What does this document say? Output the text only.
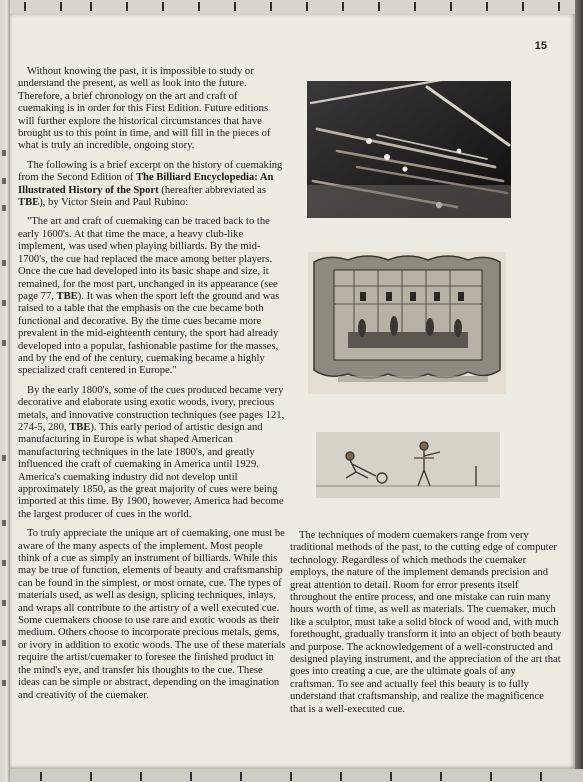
15

Without knowing the past, it is impossible to study or understand the present, as well as look into the future. Therefore, a brief chronology on the art and craft of cuemaking is in order for this First Edition. Future editions will further explore the historical circumstances that have brought us to this point in time, and will fill in the pieces of what is truly an incredible, ongoing story.

The following is a brief excerpt on the history of cuemaking from the Second Edition of The Billiard Encyclopedia: An Illustrated History of the Sport (hereafter abbreviated as TBE), by Victor Stein and Paul Rubino:

"The art and craft of cuemaking can be traced back to the early 1600's. At that time the mace, a heavy club-like implement, was used when playing billiards. By the mid-1700's, the cue had replaced the mace among better players. Once the cue had developed into its basic shape and size, it remained, for the most part, unchanged in its appearance (see page 77, TBE). It was when the sport left the ground and was raised to a table that the emphasis on the cue became both functional and decorative. By the time cues became more prevalent in the mid-eighteenth century, the sport had already developed into a popular, fashionable pastime for the masses, and by the end of the century, cuemaking became a highly specialized craft centered in Europe."

By the early 1800's, some of the cues produced became very decorative and elaborate using exotic woods, ivory, precious metals, and innovative construction techniques (see pages 121, 274-5, 280, TBE). This early period of artistic design and manufacturing in Europe is what shaped American manufacturing techniques in the late 1800's, and greatly influenced the craft of cuemaking in America until 1929. America's cuemaking industry did not develop until approximately 1850, as the great majority of cues were being imported at this time. By 1900, however, America had become the largest producer of cues in the world.

To truly appreciate the unique art of cuemaking, one must be aware of the many aspects of the implement. Most people think of a cue as simply an instrument of billiards. While this may be true of function, elements of beauty and craftsmanship can be found in the simplest, or most ornate, cue. The types of materials used, as well as design, splicing techniques, inlays, and wraps all contribute to the artistry of a well executed cue. Some cuemakers choose to use rare and exotic woods as their medium. Others choose to incorporate precious metals, gems, or ivory in addition to exotic woods. The use of these materials require the artist/cuemaker to foresee the finished product in the mind's eye, and transfer his thoughts to the cue. These ideas can be simple or abstract, depending on the imagination and creativity of the cuemaker.

The techniques of modern cuemakers range from very traditional methods of the past, to the cutting edge of computer technology. Regardless of which methods the cuemaker employs, the nature of the implement demands precision and great attention to detail. Room for error presents itself throughout the entire process, and one mistake can ruin many hours worth of time, as well as materials. The cuemaker, much like a sculptor, must take a solid block of wood and, with much forethought, gradually transform it into an object of both beauty and purpose. The acknowledgement of a well-constructed and designed playing instrument, and the appreciation of the art that goes into creating a cue, are the ultimate goals of any craftsman. To see and actually feel this beauty is to fully understand that craftsmanship, and realize the magnificence that is a well-executed cue.
